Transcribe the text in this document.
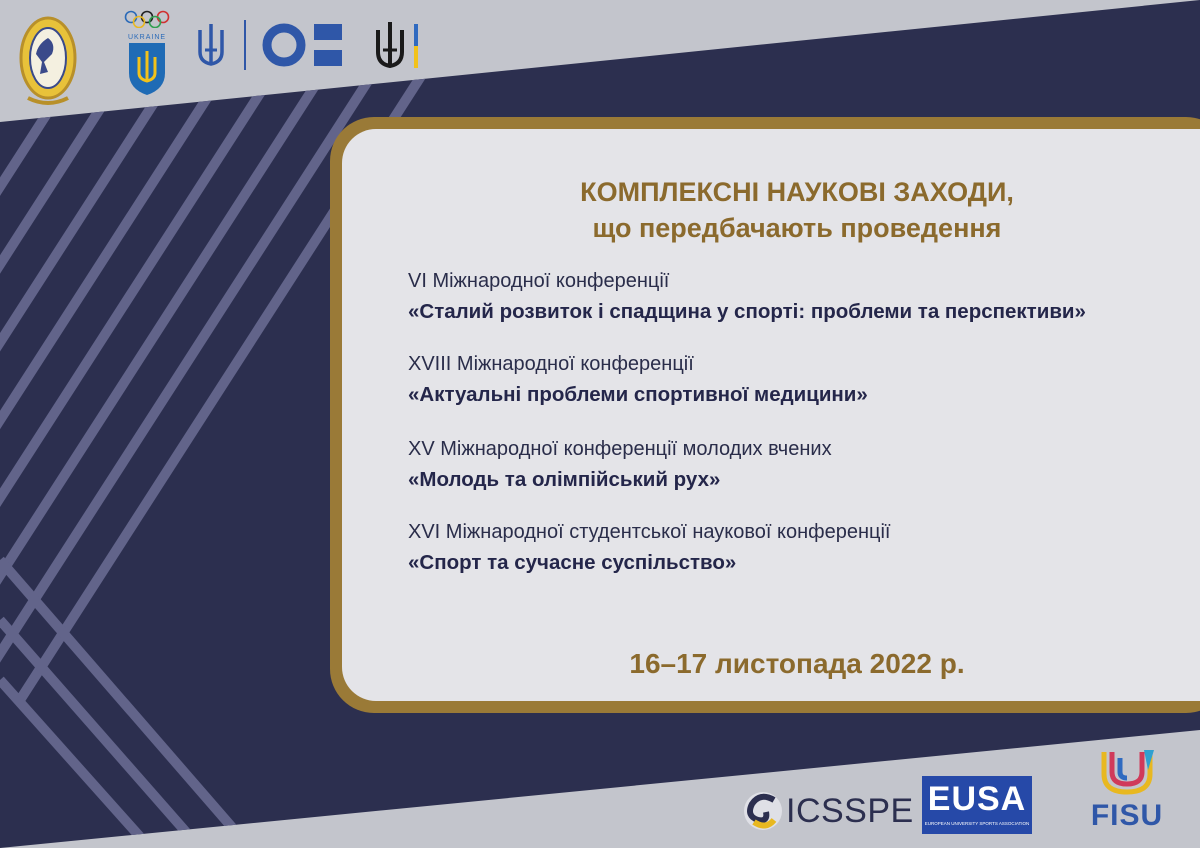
UKRAINE
КОМПЛЕКСНІ НАУКОВІ ЗАХОДИ,
що передбачають проведення
VI Міжнародної конференції
«Сталий розвиток і спадщина у спорті: проблеми та перспективи»
XVIII Міжнародної конференції
«Актуальні проблеми спортивної медицини»
XV Міжнародної конференції молодих вчених
«Молодь та олімпійський рух»
XVI Міжнародної студентської наукової конференції
«Спорт та сучасне суспільство»
16–17 листопада 2022 р.
ICSSPE EUSA
EUROPEAN UNIVERSITY SPORTS ASSOCIATION FISU
